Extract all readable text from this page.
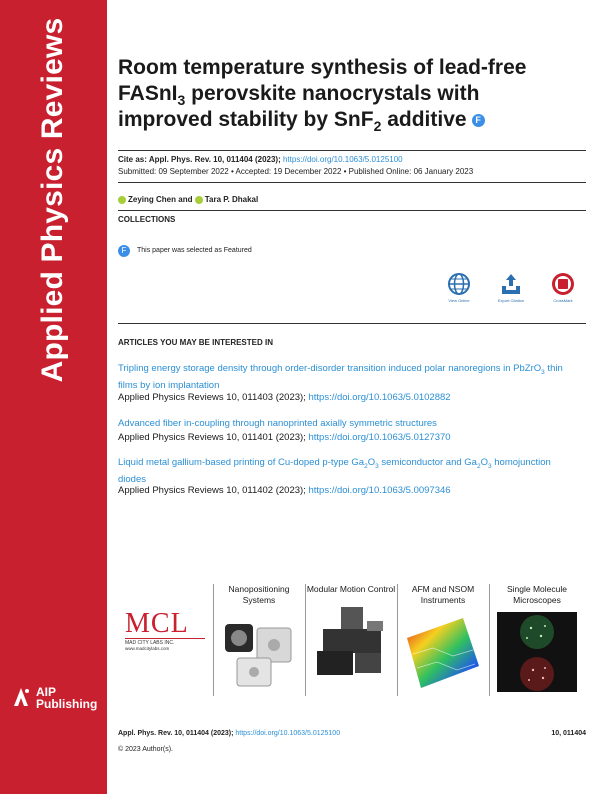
Applied Physics Reviews
AIP
Publishing
Room temperature synthesis of lead-free FASnI$_3$ perovskite nanocrystals with improved stability by SnF$_2$ additive F
Cite as: Appl. Phys. Rev. 10, 011404 (2023); https://doi.org/10.1063/5.0125100
Submitted: 09 September 2022 • Accepted: 19 December 2022 • Published Online: 06 January 2023
Zeying Chen and Tara P. Dhakal
COLLECTIONS
F	This paper was selected as Featured
View Online	Export Citation	CrossMark
ARTICLES YOU MAY BE INTERESTED IN
Tripling energy storage density through order-disorder transition induced polar nanoregions in PbZrO$_3$ thin films by ion implantation
Applied Physics Reviews 10, 011403 (2023); https://doi.org/10.1063/5.0102882
Advanced fiber in-coupling through nanoprinted axially symmetric structures
Applied Physics Reviews 10, 011401 (2023); https://doi.org/10.1063/5.0127370
Liquid metal gallium-based printing of Cu-doped p-type $Ga_2O_3$ semiconductor and $Ga_2O_3$ homojunction diodes
Applied Physics Reviews 10, 011402 (2023); https://doi.org/10.1063/5.0097346
MCL
MAD CITY LABS INC.
www.madcitylabs.com
Nanopositioning Systems
Modular Motion Control	AFM and NSOM Instruments
Single Molecule Microscopes
Appl. Phys. Rev. 10, 011404 (2023); https://doi.org/10.1063/5.0125100	10, 011404
© 2023 Author(s).
